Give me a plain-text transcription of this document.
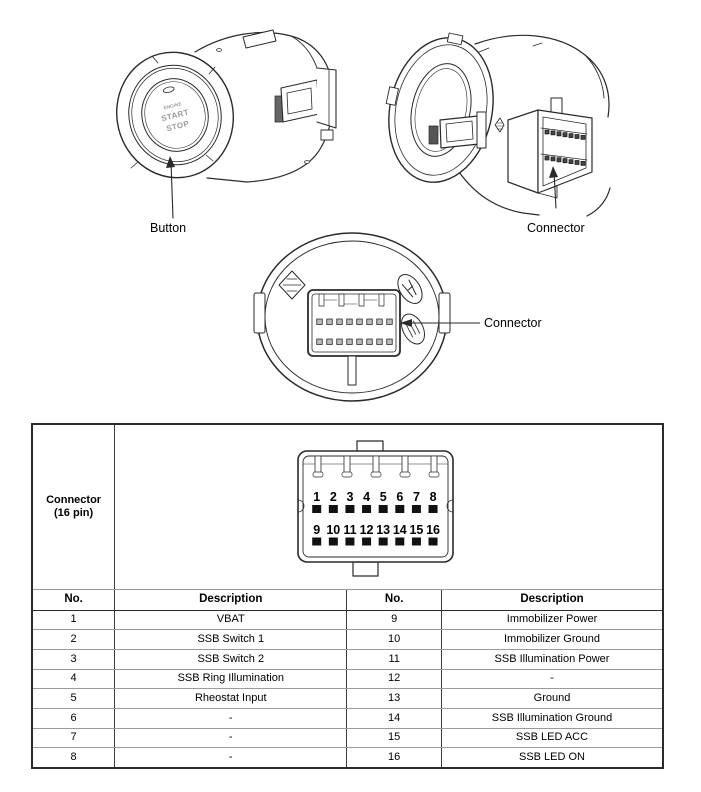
ENGINE
START
STOP
Button	Connector
Connector
Connector
(16 pin)

1 2 3 4 5 6 7 8
9 10 11 12 13 14 15 16

No.	Description	No.	Description
1	VBAT	9	Immobilizer Power
2	SSB Switch 1	10	Immobilizer Ground
3	SSB Switch 2	11	SSB Illumination Power
4	SSB Ring Illumination	12	-
5	Rheostat Input	13	Ground
6	-	14	SSB Illumination Ground
7	-	15	SSB LED ACC
8	-	16	SSB LED ON
